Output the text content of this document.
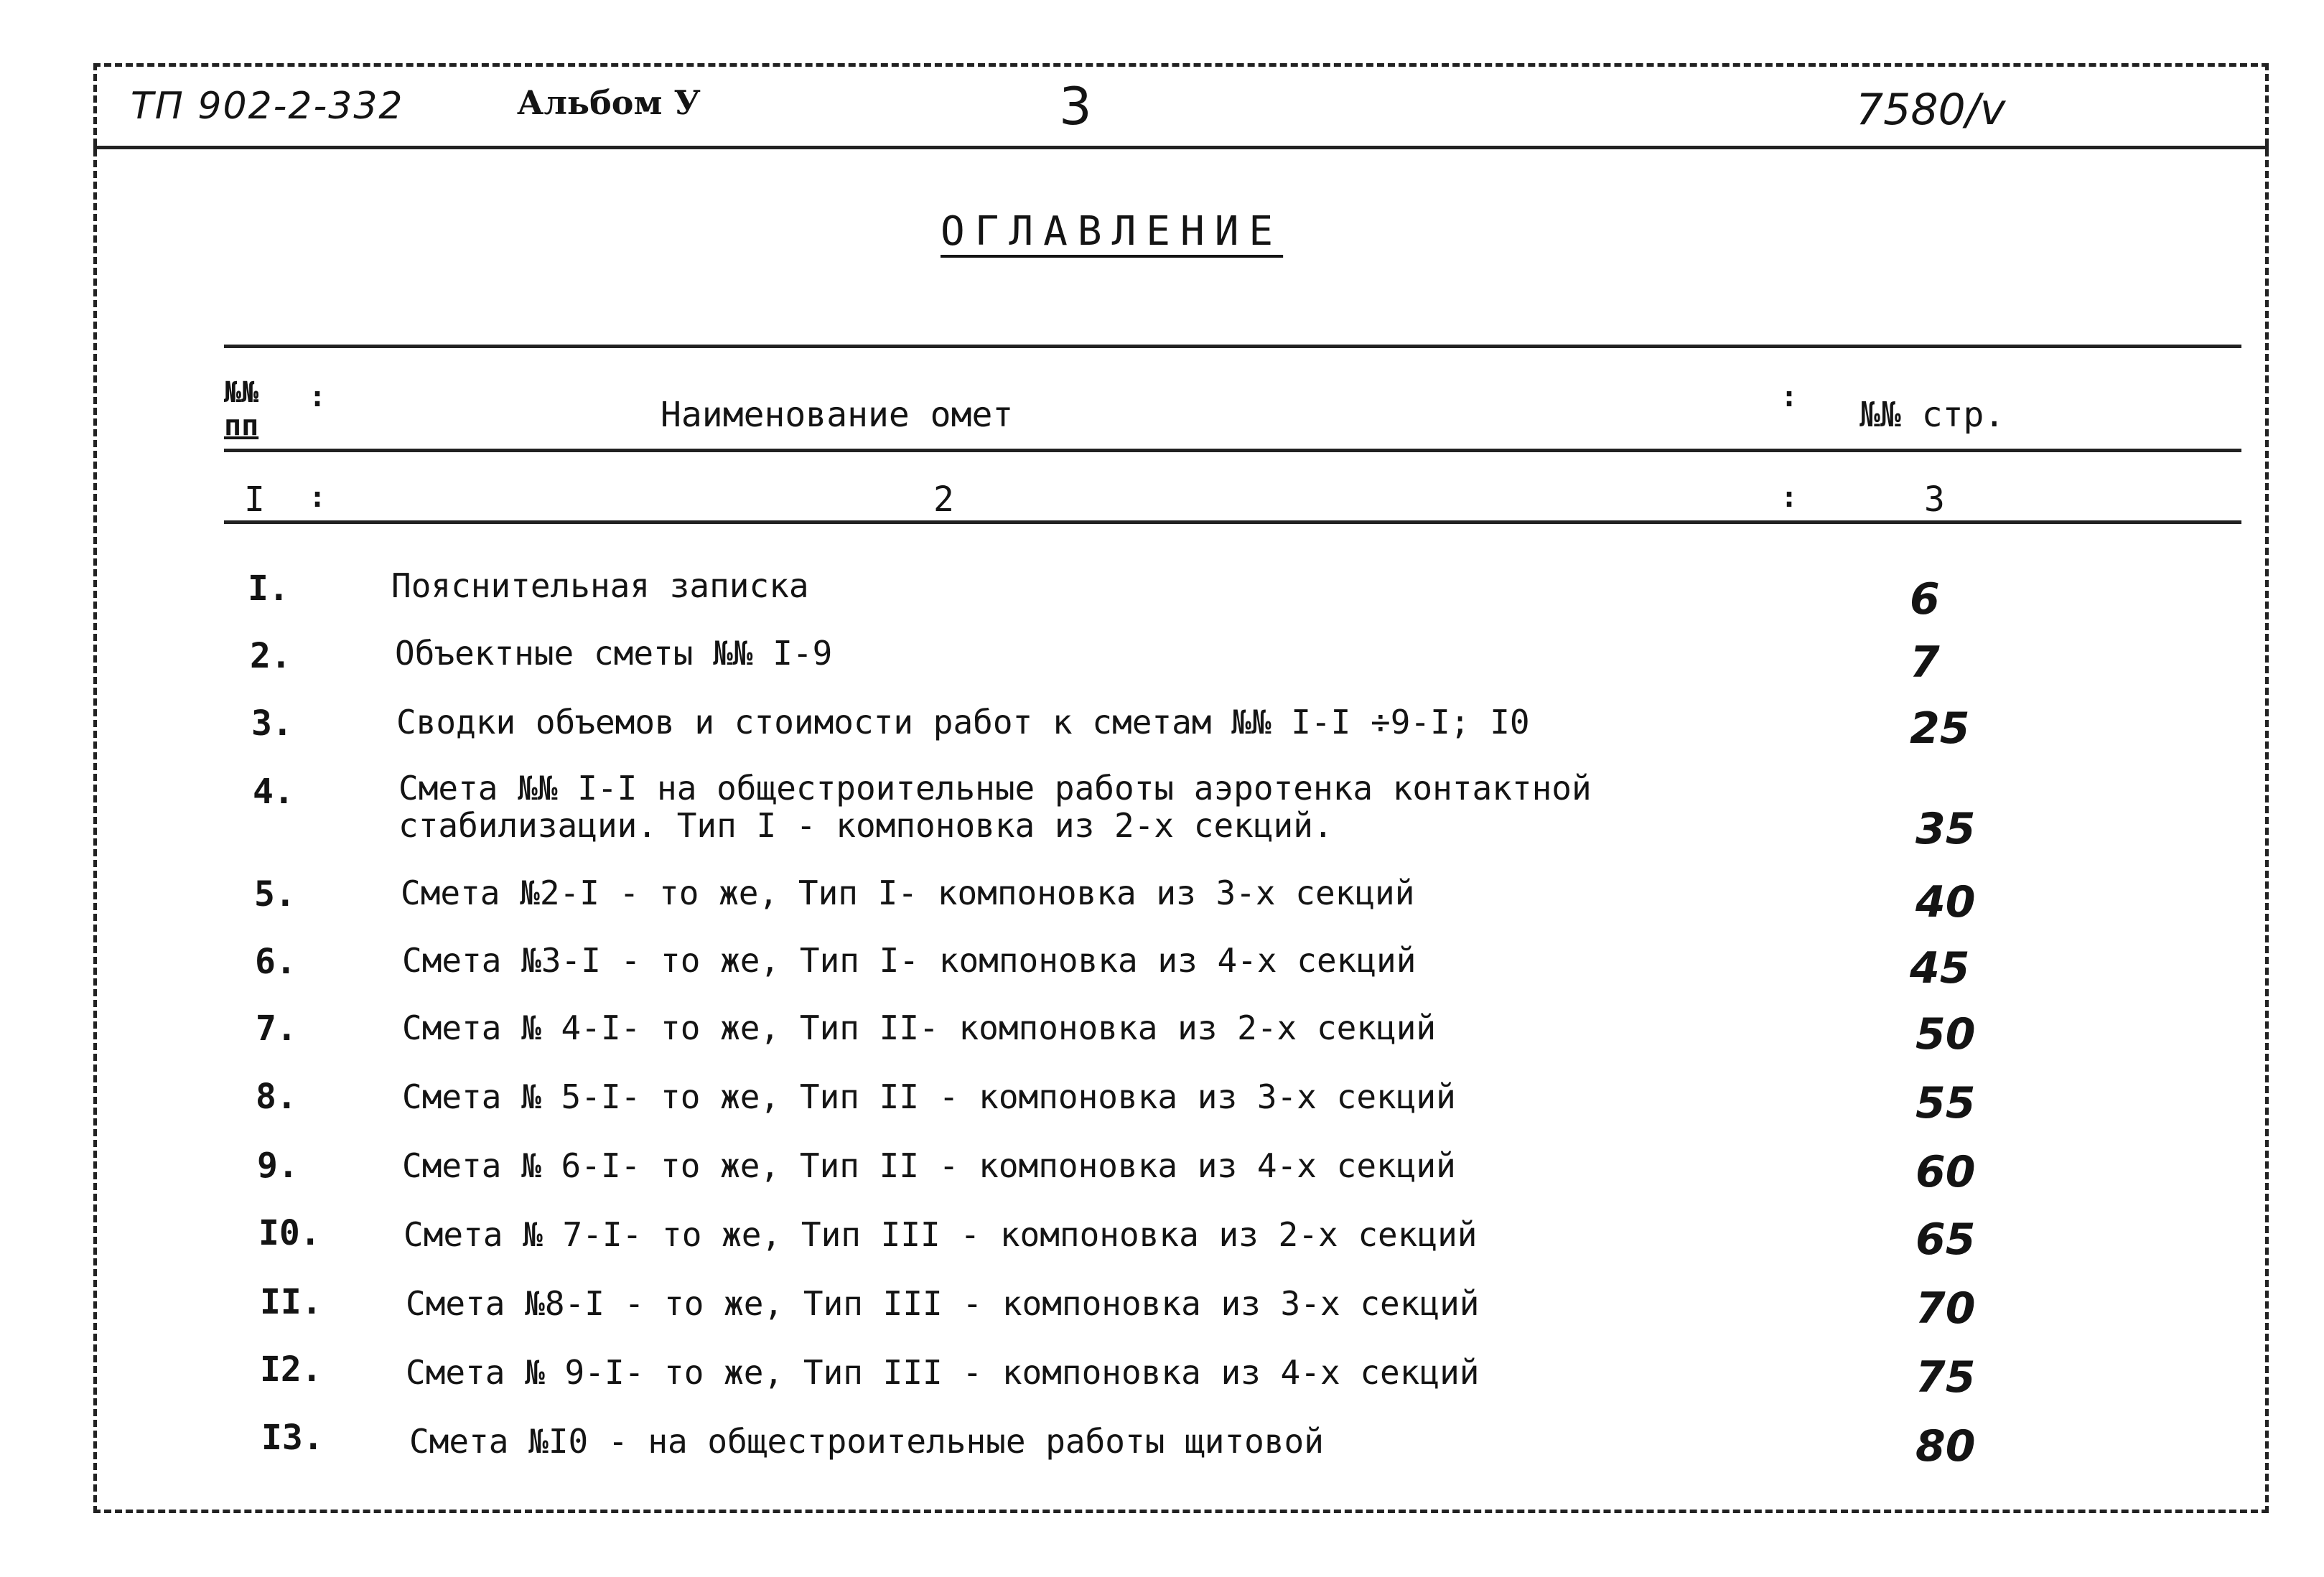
ТП 902-2-332	Альбом У	3	7580/v
ОГЛАВЛЕНИЕ
№№
пп
:	Наименование омет	: №№ стр.
I :	2	:	3
I.	Пояснительная записка	6
2.	Объектные сметы №№ I-9	7
3.	Сводки объемов и стоимости работ к сметам №№ I-I ÷9-I; I0	25
4.	Смета №№ I-I на общестроительные работы аэротенка контактной
стабилизации. Тип I - компоновка из 2-х секций.	35
5.	Смета №2-I - то же, Тип I- компоновка из 3-х секций	40
6.	Смета №3-I - то же, Тип I- компоновка из 4-х секций	45
7.	Смета № 4-I- то же, Тип II- компоновка из 2-х секций	50
8.	Смета № 5-I- то же, Тип II - компоновка из 3-х секций	55
9.	Смета № 6-I- то же, Тип II - компоновка из 4-х секций	60
I0.	Смета № 7-I- то же, Тип III - компоновка из 2-х секций	65
II.	Смета №8-I - то же, Тип III - компоновка из 3-х секций	70
I2.	Смета № 9-I- то же, Тип III - компоновка из 4-х секций	75
I3.	Смета №I0 - на общестроительные работы щитовой	80
